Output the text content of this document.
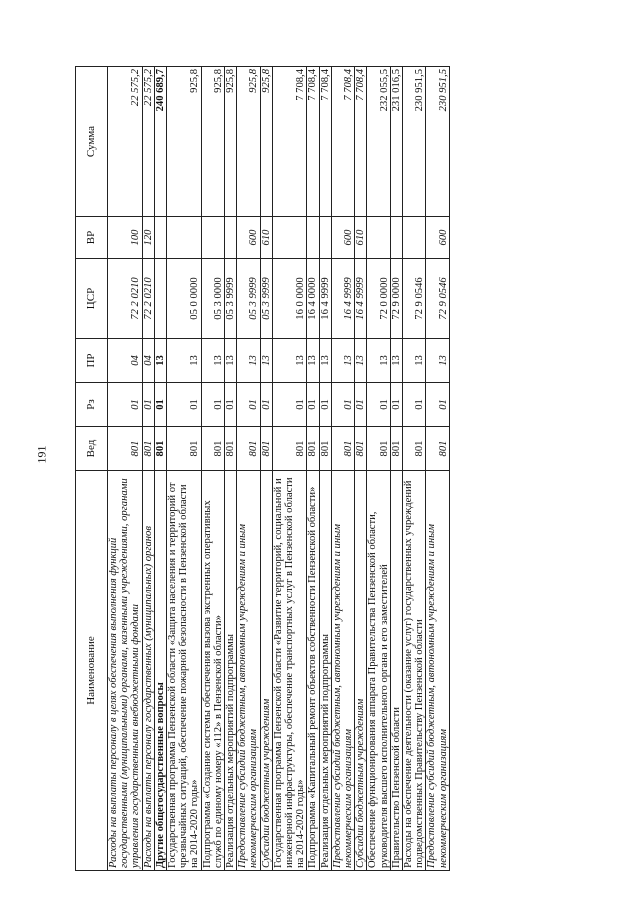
191
Наименование	Вед	Рз	ПР	ЦСР	ВР	Сумма
Расходы на выплаты персоналу в целях обеспечения выполнения функций государственными (муниципальными) органами, казенными учреждениями, органами управления государственными внебюджетными фондами	801	01	04	72 2 0210	100	22 575,2
Расходы на выплаты персоналу государственных (муниципальных) органов	801	01	04	72 2 0210	120	22 575,2
Другие общегосударственные вопросы	801	01	13			240 689,7
Государственная программа Пензенской области «Защита населения и территорий от чрезвычайных ситуаций, обеспечение пожарной безопасности в Пензенской области на 2014-2020 годы»	801	01	13	05 0 0000		925,8
Подпрограмма «Создание системы обеспечения вызова экстренных оперативных служб по единому номеру «112» в Пензенской области»	801	01	13	05 3 0000		925,8
Реализация отдельных мероприятий подпрограммы	801	01	13	05 3 9999		925,8
Предоставление субсидий бюджетным, автономным учреждениям и иным некоммерческим организациям	801	01	13	05 3 9999	600	925,8
Субсидии бюджетным учреждениям	801	01	13	05 3 9999	610	925,8
Государственная программа Пензенской области «Развитие территорий, социальной и инженерной инфраструктуры, обеспечение транспортных услуг в Пензенской области на 2014-2020 годы»	801	01	13	16 0 0000		7 708,4
Подпрограмма «Капитальный ремонт объектов собственности Пензенской области»	801	01	13	16 4 0000		7 708,4
Реализация отдельных мероприятий подпрограммы	801	01	13	16 4 9999		7 708,4
Предоставление субсидий бюджетным, автономным учреждениям и иным некоммерческим организациям	801	01	13	16 4 9999	600	7 708,4
Субсидии бюджетным учреждениям	801	01	13	16 4 9999	610	7 708,4
Обеспечение функционирования аппарата Правительства Пензенской области, руководителя высшего исполнительного органа и его заместителей	801	01	13	72 0 0000		232 055,5
Правительство Пензенской области	801	01	13	72 9 0000		231 016,5
Расходы на обеспечение деятельности (оказание услуг) государственных учреждений подведомственных Правительству Пензенской области	801	01	13	72 9 0546		230 951,5
Предоставление субсидий бюджетным, автономным учреждениям и иным некоммерческим организациям	801	01	13	72 9 0546	600	230 951,5
